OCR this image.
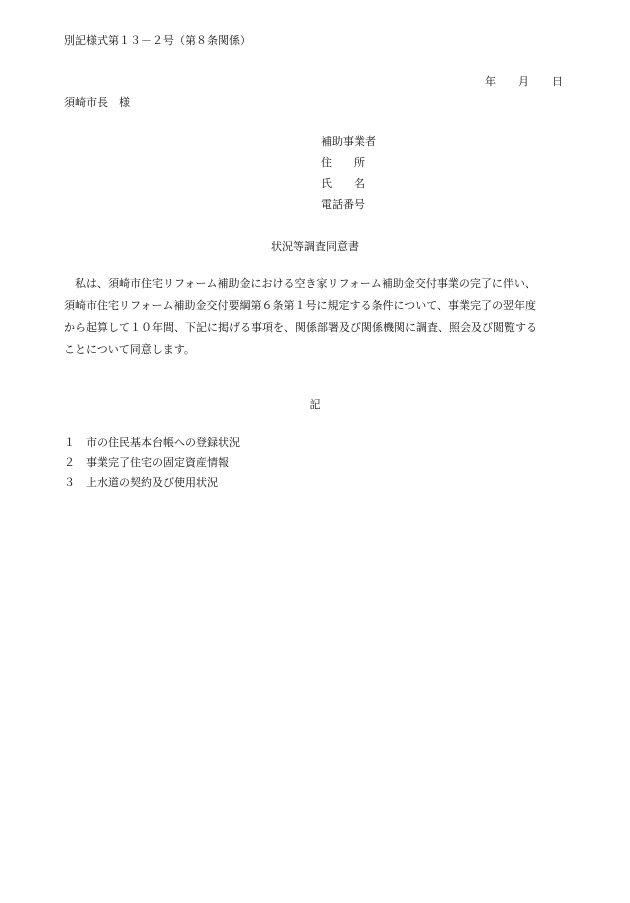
別記様式第１３－２号（第８条関係）
年 月 日
須崎市長　様
補助事業者
住　　所
氏　　名
電話番号
状況等調査同意書
　私は、須崎市住宅リフォーム補助金における空き家リフォーム補助金交付事業の完了に伴い、
須崎市住宅リフォーム補助金交付要綱第６条第１号に規定する条件について、事業完了の翌年度
から起算して１０年間、下記に掲げる事項を、関係部署及び関係機関に調査、照会及び閲覧する
ことについて同意します。
記
１ 市の住民基本台帳への登録状況
２ 事業完了住宅の固定資産情報
３ 上水道の契約及び使用状況
